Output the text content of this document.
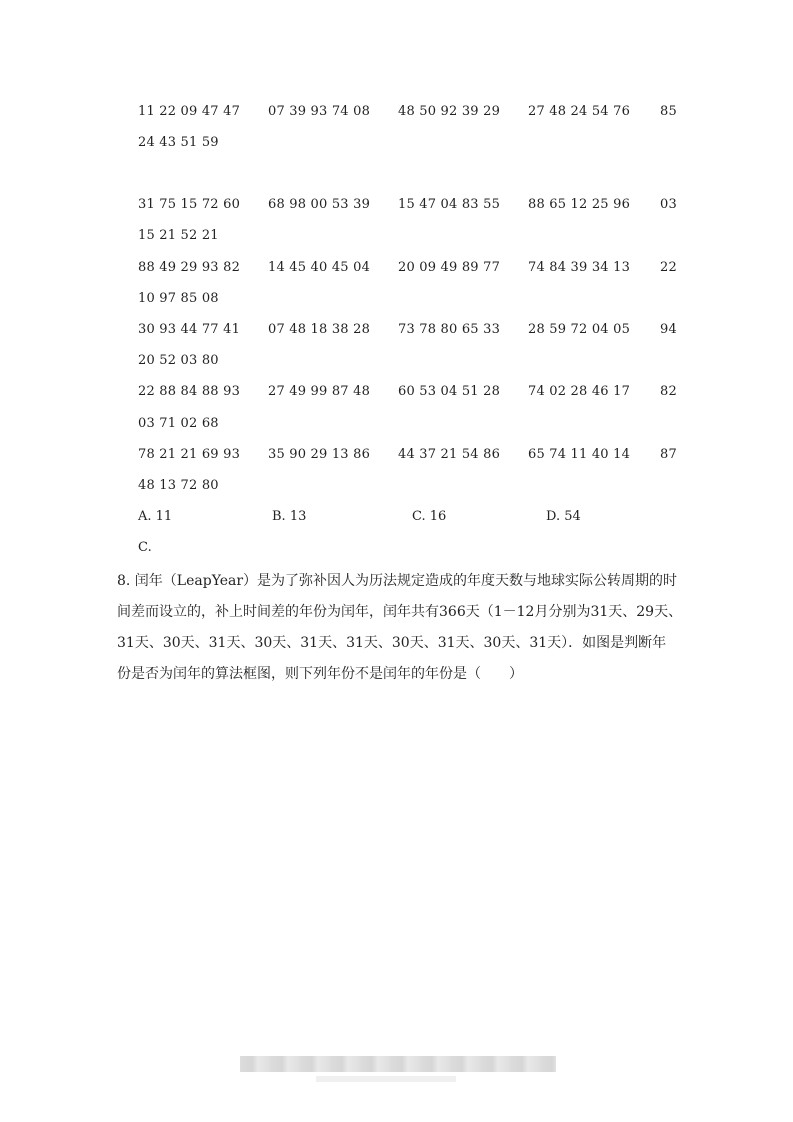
11 22 09 47 47 07 39 93 74 08 48 50 92 39 29 27 48 24 54 76 85
24 43 51 59
31 75 15 72 60 68 98 00 53 39 15 47 04 83 55 88 65 12 25 96 03
15 21 52 21
88 49 29 93 82 14 45 40 45 04 20 09 49 89 77 74 84 39 34 13 22
10 97 85 08
30 93 44 77 41 07 48 18 38 28 73 78 80 65 33 28 59 72 04 05 94
20 52 03 80
22 88 84 88 93 27 49 99 87 48 60 53 04 51 28 74 02 28 46 17 82
03 71 02 68
78 21 21 69 93 35 90 29 13 86 44 37 21 54 86 65 74 11 40 14 87
48 13 72 80
A. 11	B. 13	C. 16	D. 54
C.
8. 闰年（LeapYear）是为了弥补因人为历法规定造成的年度天数与地球实际公转周期的时
间差而设立的，补上时间差的年份为闰年，闰年共有366天（1－12月分别为31天、29天、
31天、30天、31天、30天、31天、31天、30天、31天、30天、31天）．如图是判断年
份是否为闰年的算法框图，则下列年份不是闰年的年份是（　　）
